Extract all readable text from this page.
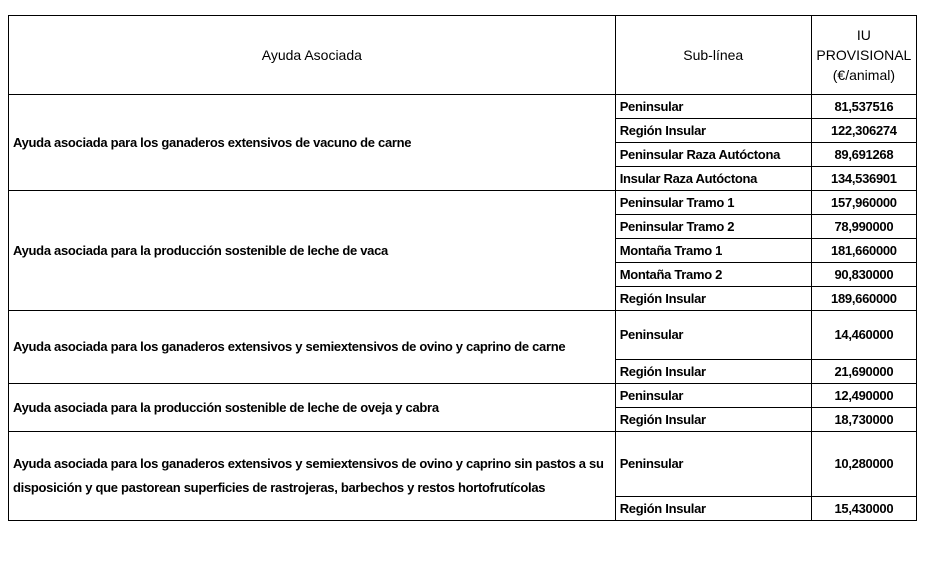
Ayuda Asociada	Sub-línea	IU
PROVISIONAL
(€/animal)

Ayuda asociada para los ganaderos extensivos de vacuno de carne	Peninsular	81,537516
	Región Insular	122,306274
	Peninsular Raza Autóctona	89,691268
	Insular Raza Autóctona	134,536901
Ayuda asociada para la producción sostenible de leche de vaca	Peninsular Tramo 1	157,960000
	Peninsular Tramo 2	78,990000
	Montaña Tramo 1	181,660000
	Montaña Tramo 2	90,830000
	Región Insular	189,660000
Ayuda asociada para los ganaderos extensivos y semiextensivos de ovino y caprino de carne	Peninsular	14,460000
	Región Insular	21,690000
Ayuda asociada para la producción sostenible de leche de oveja y cabra	Peninsular	12,490000
	Región Insular	18,730000
Ayuda asociada para los ganaderos extensivos y semiextensivos de ovino y caprino sin pastos a su disposición y que pastorean superficies de rastrojeras, barbechos y restos hortofrutícolas	Peninsular	10,280000
	Región Insular	15,430000
